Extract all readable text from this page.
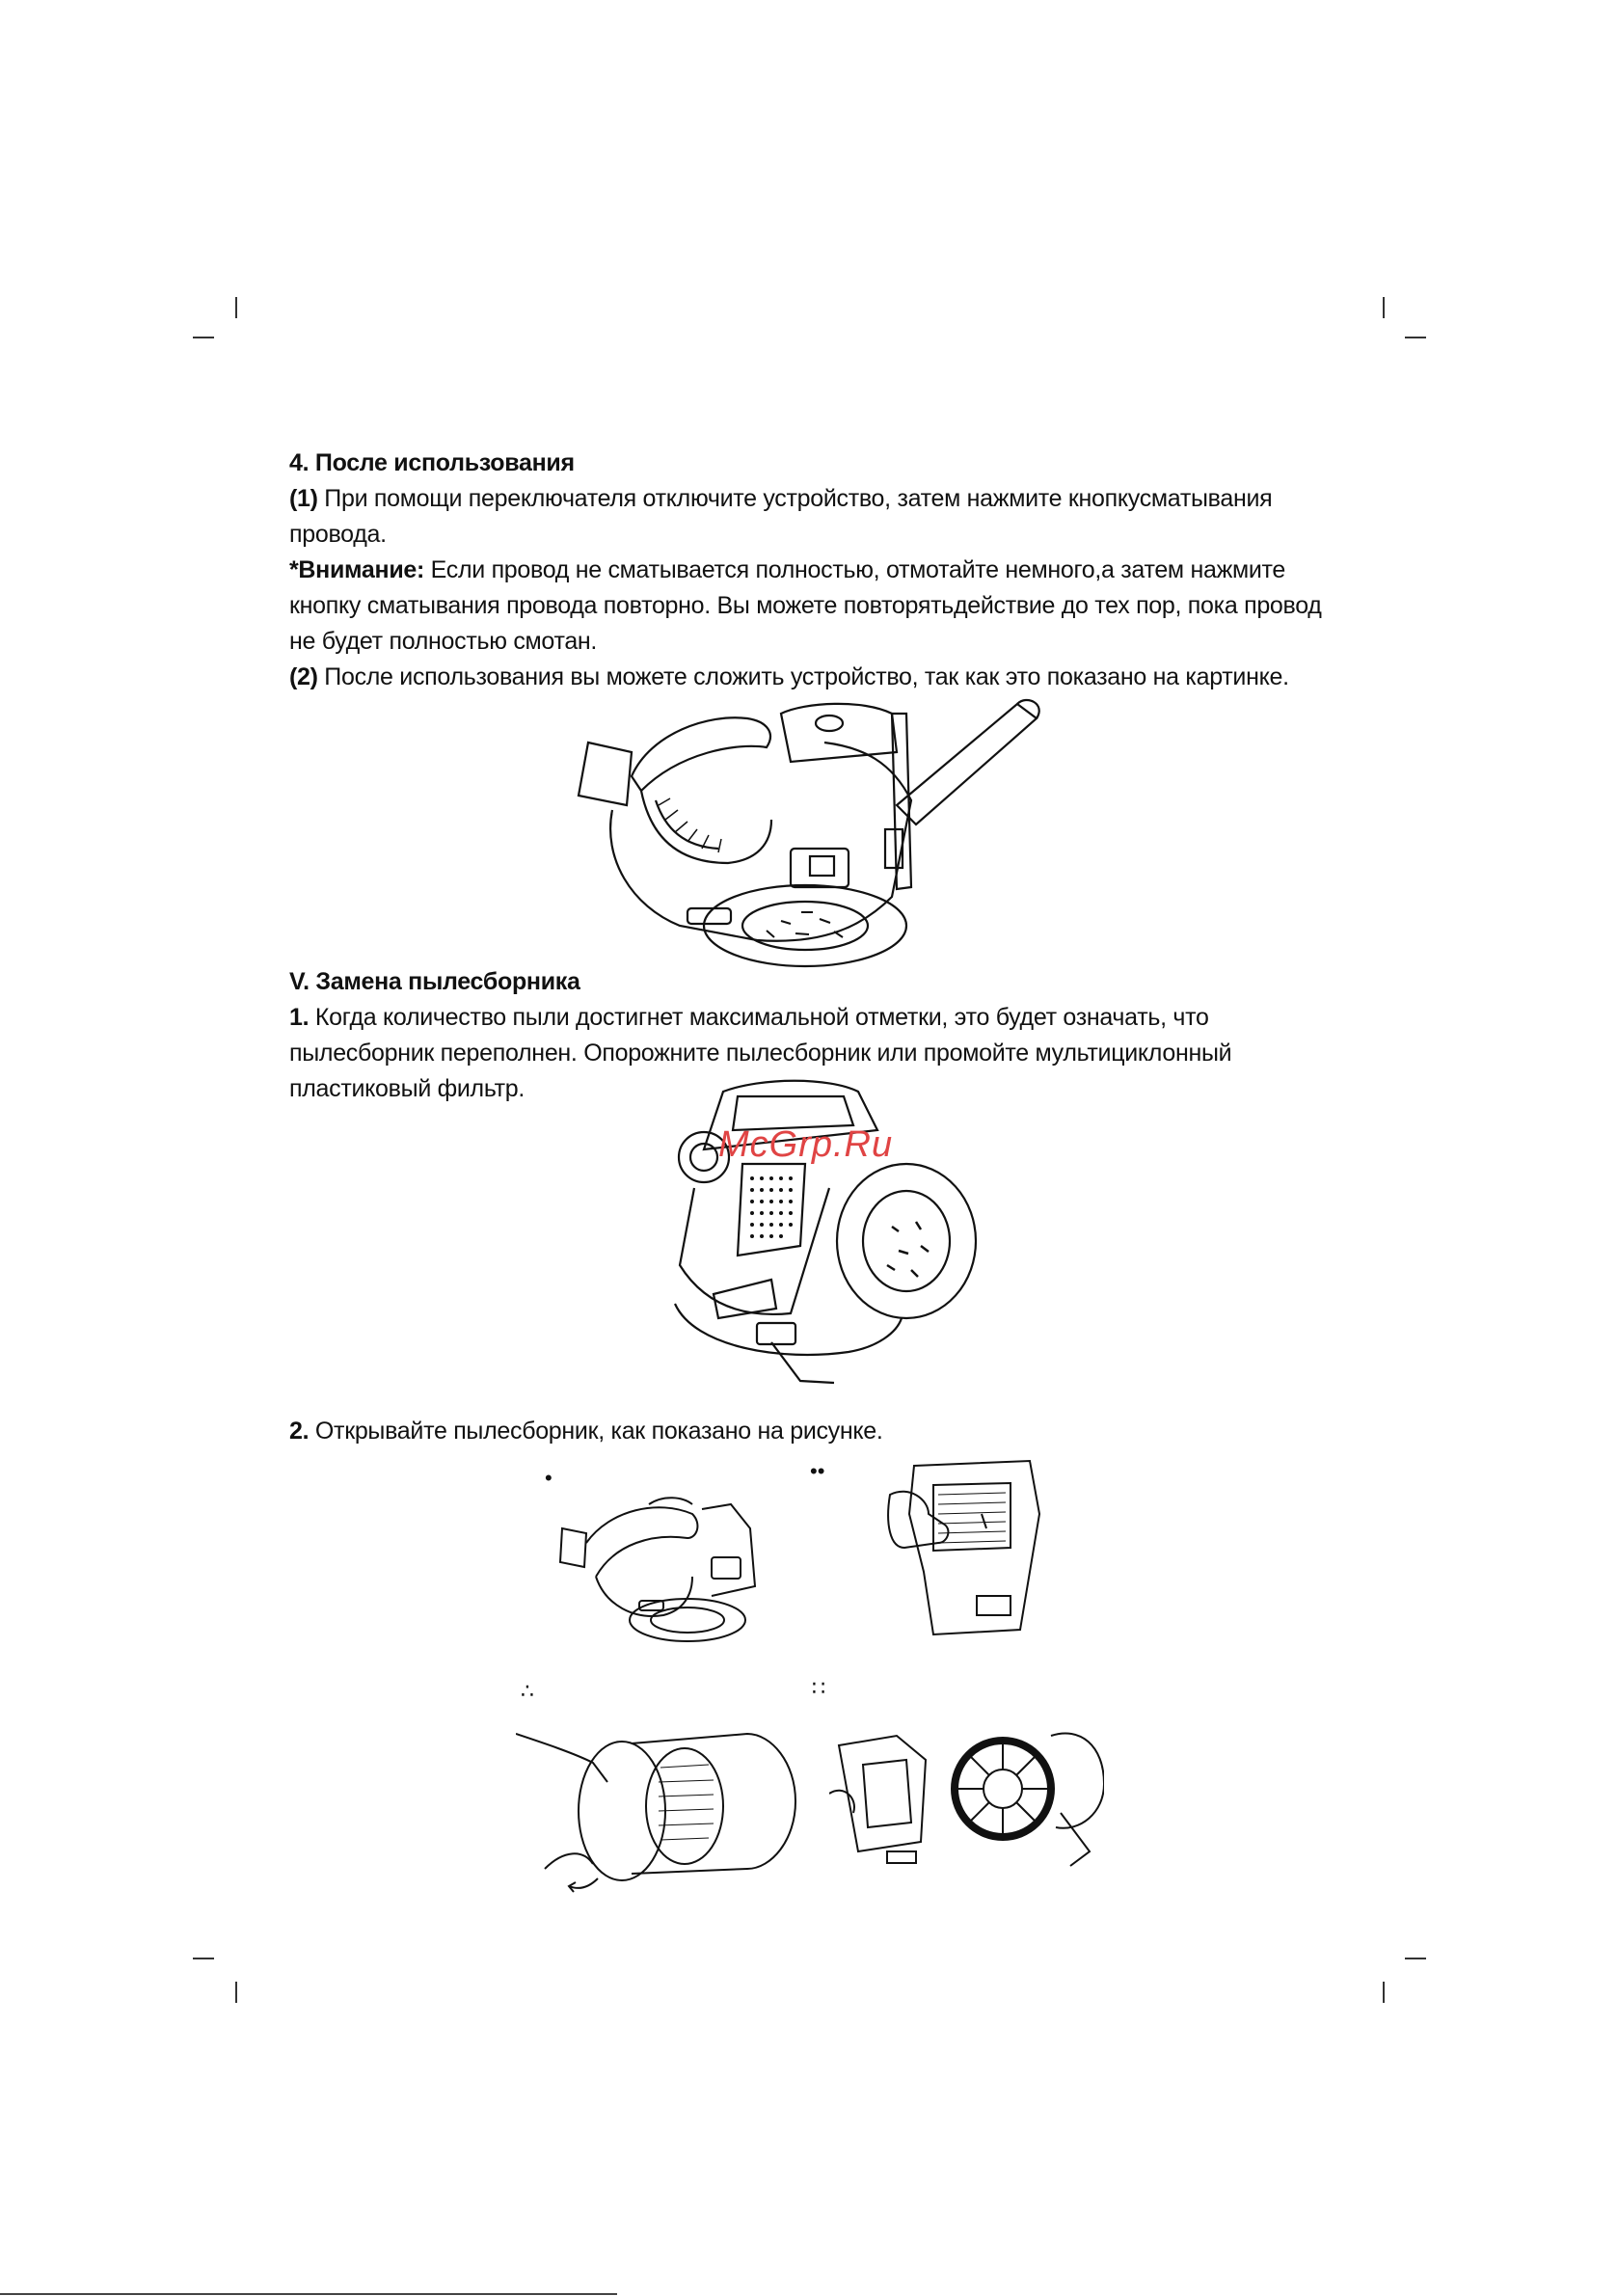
4. После использования

(1) При помощи переключателя отключите устройство, затем нажмите кнопкусматывания провода.

*Внимание: Если провод не сматывается полностью, отмотайте немного,а затем нажмите кнопку сматывания провода повторно. Вы можете повторятьдействие до тех пор, пока провод не будет полностью смотан.

(2) После использования вы можете сложить устройство, так как это показано на картинке.

V. Замена пылесборника

1. Когда количество пыли достигнет максимальной отметки, это будет означать, что пылесборник переполнен. Опорожните пылесборник или промойте мультициклонный пластиковый фильтр.

McGrp.Ru

2. Открывайте пылесборник, как показано на рисунке.

•	••
∴	∷
